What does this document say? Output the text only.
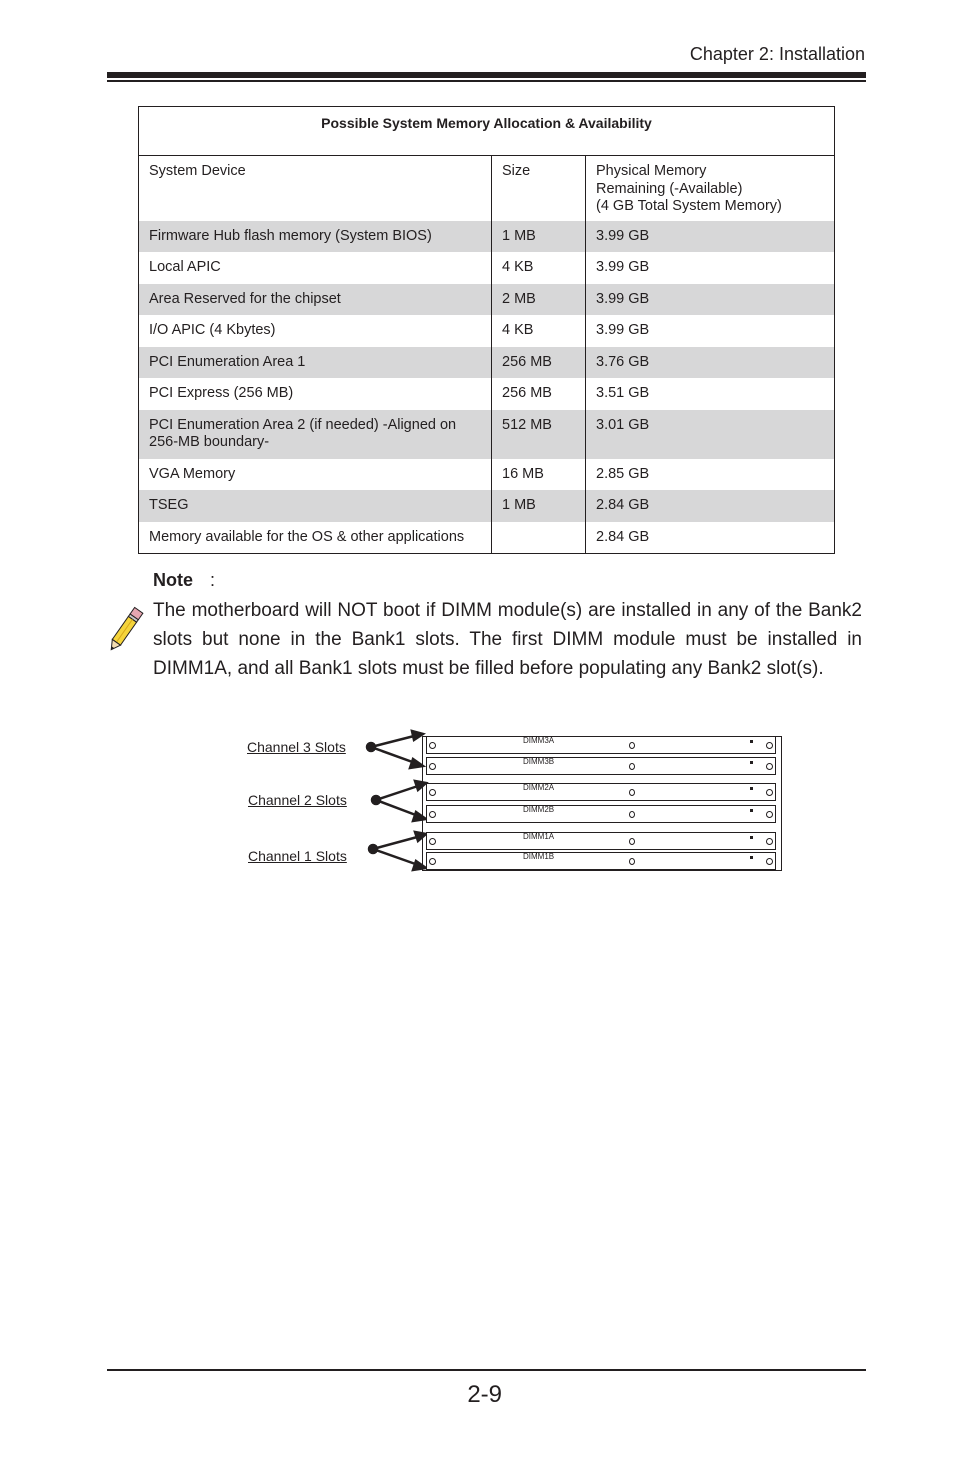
Chapter 2: Installation
Possible System Memory Allocation & Availability		
System Device	Size	Physical Memory
Remaining (-Available)
(4 GB Total System Memory)
Firmware Hub flash memory (System BIOS)	1 MB	3.99 GB
Local APIC	4 KB	3.99 GB
Area Reserved for the chipset	2 MB	3.99 GB
I/O APIC (4 Kbytes)	4 KB	3.99 GB
PCI Enumeration Area 1	256 MB	3.76 GB
PCI Express (256 MB)	256 MB	3.51 GB
PCI Enumeration Area 2 (if needed) -Aligned on 256-MB boundary-	512 MB	3.01 GB
VGA Memory	16 MB	2.85 GB
TSEG	1 MB	2.84 GB
Memory available for the OS & other applications		2.84 GB
Note :
The motherboard will NOT boot if DIMM module(s) are installed in any of the Bank2 slots but none in the Bank1 slots. The first DIMM module must be installed in DIMM1A, and all Bank1 slots must be filled before populating any Bank2 slot(s).
Channel 3 Slots
Channel 2 Slots
Channel 1 Slots
DIMM3A
DIMM3B
DIMM2A
DIMM2B
DIMM1A
DIMM1B
2-9
